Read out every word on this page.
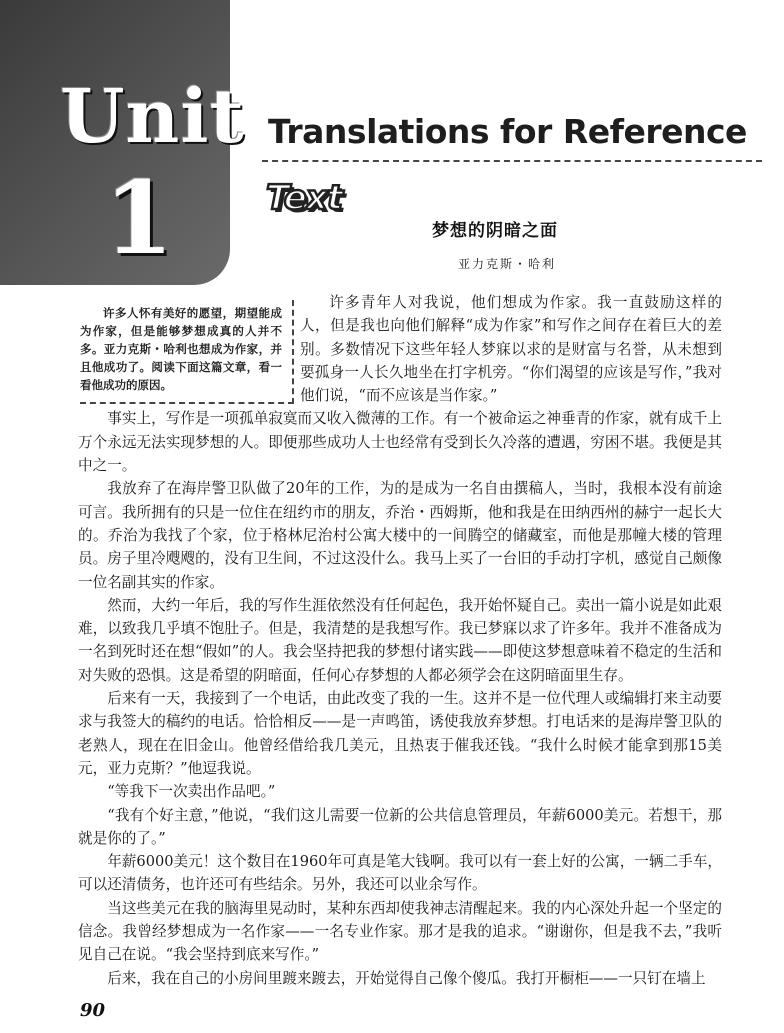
Unit
1
Translations for Reference
Text
梦想的阴暗之面
亚力克斯・哈利
许多人怀有美好的愿望，期望能成为作家，但是能够梦想成真的人并不多。亚力克斯・哈利也想成为作家，并且他成功了。阅读下面这篇文章，看一看他成功的原因。

许多青年人对我说，他们想成为作家。我一直鼓励这样的人，但是我也向他们解释“成为作家”和写作之间存在着巨大的差别。多数情况下这些年轻人梦寐以求的是财富与名誉，从未想到要孤身一人长久地坐在打字机旁。“你们渴望的应该是写作，”我对他们说，“而不应该是当作家。”

事实上，写作是一项孤单寂寞而又收入微薄的工作。有一个被命运之神垂青的作家，就有成千上万个永远无法实现梦想的人。即便那些成功人士也经常有受到长久冷落的遭遇，穷困不堪。我便是其中之一。

我放弃了在海岸警卫队做了20年的工作，为的是成为一名自由撰稿人，当时，我根本没有前途可言。我所拥有的只是一位住在纽约市的朋友，乔治・西姆斯，他和我是在田纳西州的赫宁一起长大的。乔治为我找了个家，位于格林尼治村公寓大楼中的一间腾空的储藏室，而他是那幢大楼的管理员。房子里冷飕飕的，没有卫生间，不过这没什么。我马上买了一台旧的手动打字机，感觉自己颇像一位名副其实的作家。

然而，大约一年后，我的写作生涯依然没有任何起色，我开始怀疑自己。卖出一篇小说是如此艰难，以致我几乎填不饱肚子。但是，我清楚的是我想写作。我已梦寐以求了许多年。我并不准备成为一名到死时还在想“假如”的人。我会坚持把我的梦想付诸实践——即使这梦想意味着不稳定的生活和对失败的恐惧。这是希望的阴暗面，任何心存梦想的人都必须学会在这阴暗面里生存。

后来有一天，我接到了一个电话，由此改变了我的一生。这并不是一位代理人或编辑打来主动要求与我签大的稿约的电话。恰恰相反——是一声鸣笛，诱使我放弃梦想。打电话来的是海岸警卫队的老熟人，现在在旧金山。他曾经借给我几美元，且热衷于催我还钱。“我什么时候才能拿到那15美元，亚力克斯？”他逗我说。

“等我下一次卖出作品吧。”

“我有个好主意，”他说，“我们这儿需要一位新的公共信息管理员，年薪6000美元。若想干，那就是你的了。”

年薪6000美元！这个数目在1960年可真是笔大钱啊。我可以有一套上好的公寓，一辆二手车，可以还清债务，也许还可有些结余。另外，我还可以业余写作。

当这些美元在我的脑海里晃动时，某种东西却使我神志清醒起来。我的内心深处升起一个坚定的信念。我曾经梦想成为一名作家——一名专业作家。那才是我的追求。“谢谢你，但是我不去，”我听见自己在说。“我会坚持到底来写作。”

后来，我在自己的小房间里踱来踱去，开始觉得自己像个傻瓜。我打开橱柜——一只钉在墙上

90
